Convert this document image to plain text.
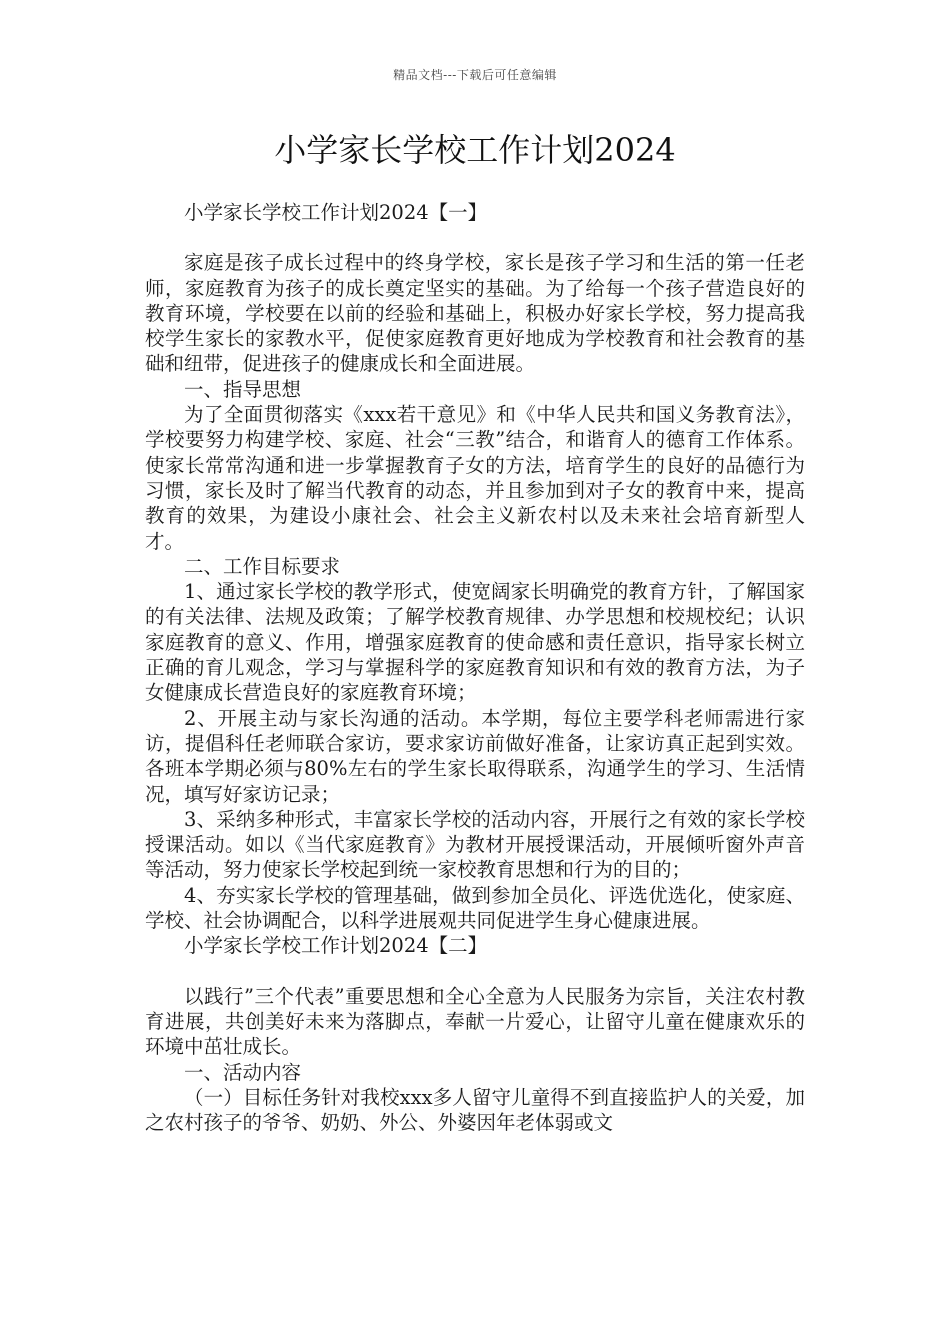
精品文档---下载后可任意编辑
小学家长学校工作计划2024

小学家长学校工作计划2024【一】

家庭是孩子成长过程中的终身学校，家长是孩子学习和生活的第一任老师，家庭教育为孩子的成长奠定坚实的基础。为了给每一个孩子营造良好的教育环境，学校要在以前的经验和基础上，积极办好家长学校，努力提高我校学生家长的家教水平，促使家庭教育更好地成为学校教育和社会教育的基础和纽带，促进孩子的健康成长和全面进展。

一、指导思想

为了全面贯彻落实《xxx若干意见》和《中华人民共和国义务教育法》，学校要努力构建学校、家庭、社会“三教”结合，和谐育人的德育工作体系。使家长常常沟通和进一步掌握教育子女的方法，培育学生的良好的品德行为习惯，家长及时了解当代教育的动态，并且参加到对子女的教育中来，提高教育的效果，为建设小康社会、社会主义新农村以及未来社会培育新型人才。

二、工作目标要求

1、通过家长学校的教学形式，使宽阔家长明确党的教育方针，了解国家的有关法律、法规及政策；了解学校教育规律、办学思想和校规校纪；认识家庭教育的意义、作用，增强家庭教育的使命感和责任意识，指导家长树立正确的育儿观念，学习与掌握科学的家庭教育知识和有效的教育方法，为子女健康成长营造良好的家庭教育环境；

2、开展主动与家长沟通的活动。本学期，每位主要学科老师需进行家访，提倡科任老师联合家访，要求家访前做好准备，让家访真正起到实效。各班本学期必须与80%左右的学生家长取得联系，沟通学生的学习、生活情况，填写好家访记录；

3、采纳多种形式，丰富家长学校的活动内容，开展行之有效的家长学校授课活动。如以《当代家庭教育》为教材开展授课活动，开展倾听窗外声音等活动，努力使家长学校起到统一家校教育思想和行为的目的；

4、夯实家长学校的管理基础，做到参加全员化、评选优选化，使家庭、学校、社会协调配合，以科学进展观共同促进学生身心健康进展。

小学家长学校工作计划2024【二】

以践行”三个代表”重要思想和全心全意为人民服务为宗旨，关注农村教育进展，共创美好未来为落脚点，奉献一片爱心，让留守儿童在健康欢乐的环境中茁壮成长。

一、活动内容

（一）目标任务针对我校xxx多人留守儿童得不到直接监护人的关爱，加之农村孩子的爷爷、奶奶、外公、外婆因年老体弱或文
